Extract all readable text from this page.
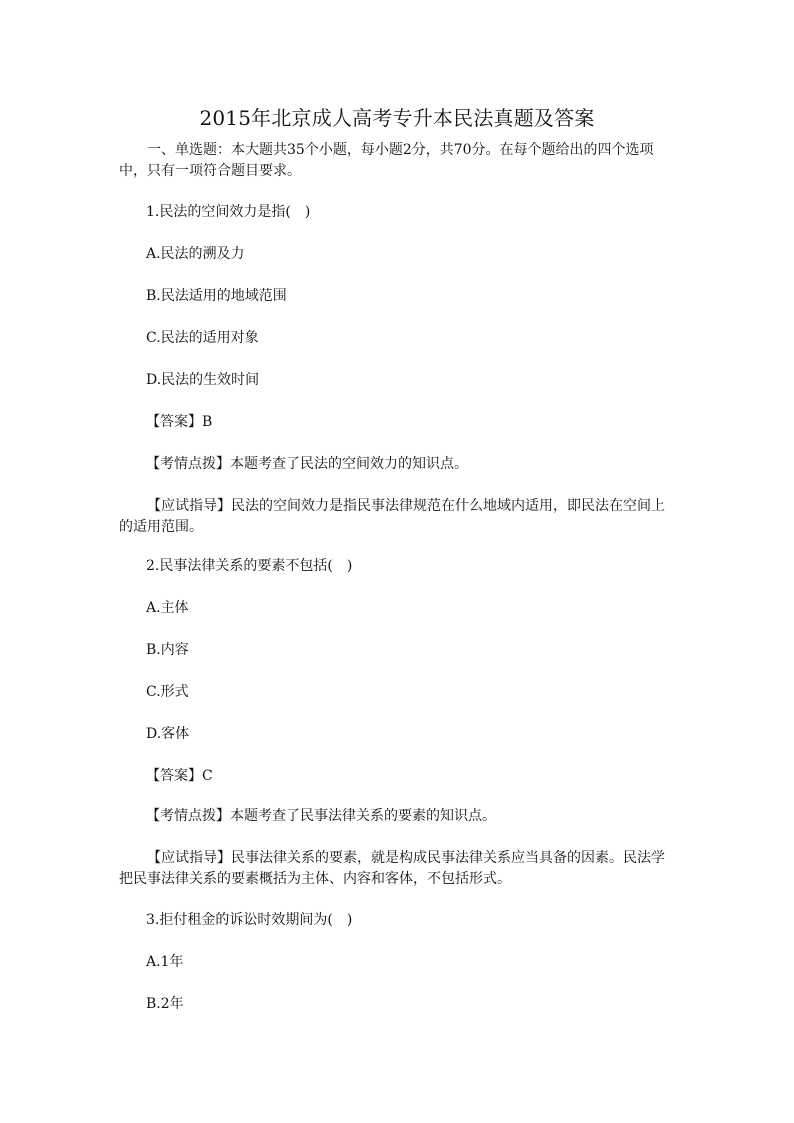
2015年北京成人高考专升本民法真题及答案
一、单选题：本大题共35个小题，每小题2分，共70分。在每个题给出的四个选项中，只有一项符合题目要求。
1.民法的空间效力是指(　)
A.民法的溯及力
B.民法适用的地域范围
C.民法的适用对象
D.民法的生效时间
【答案】B
【考情点拨】本题考查了民法的空间效力的知识点。
【应试指导】民法的空间效力是指民事法律规范在什么地域内适用，即民法在空间上的适用范围。
2.民事法律关系的要素不包括(　)
A.主体
B.内容
C.形式
D.客体
【答案】C
【考情点拨】本题考查了民事法律关系的要素的知识点。
【应试指导】民事法律关系的要素，就是构成民事法律关系应当具备的因素。民法学把民事法律关系的要素概括为主体、内容和客体，不包括形式。
3.拒付租金的诉讼时效期间为(　)
A.1年
B.2年
